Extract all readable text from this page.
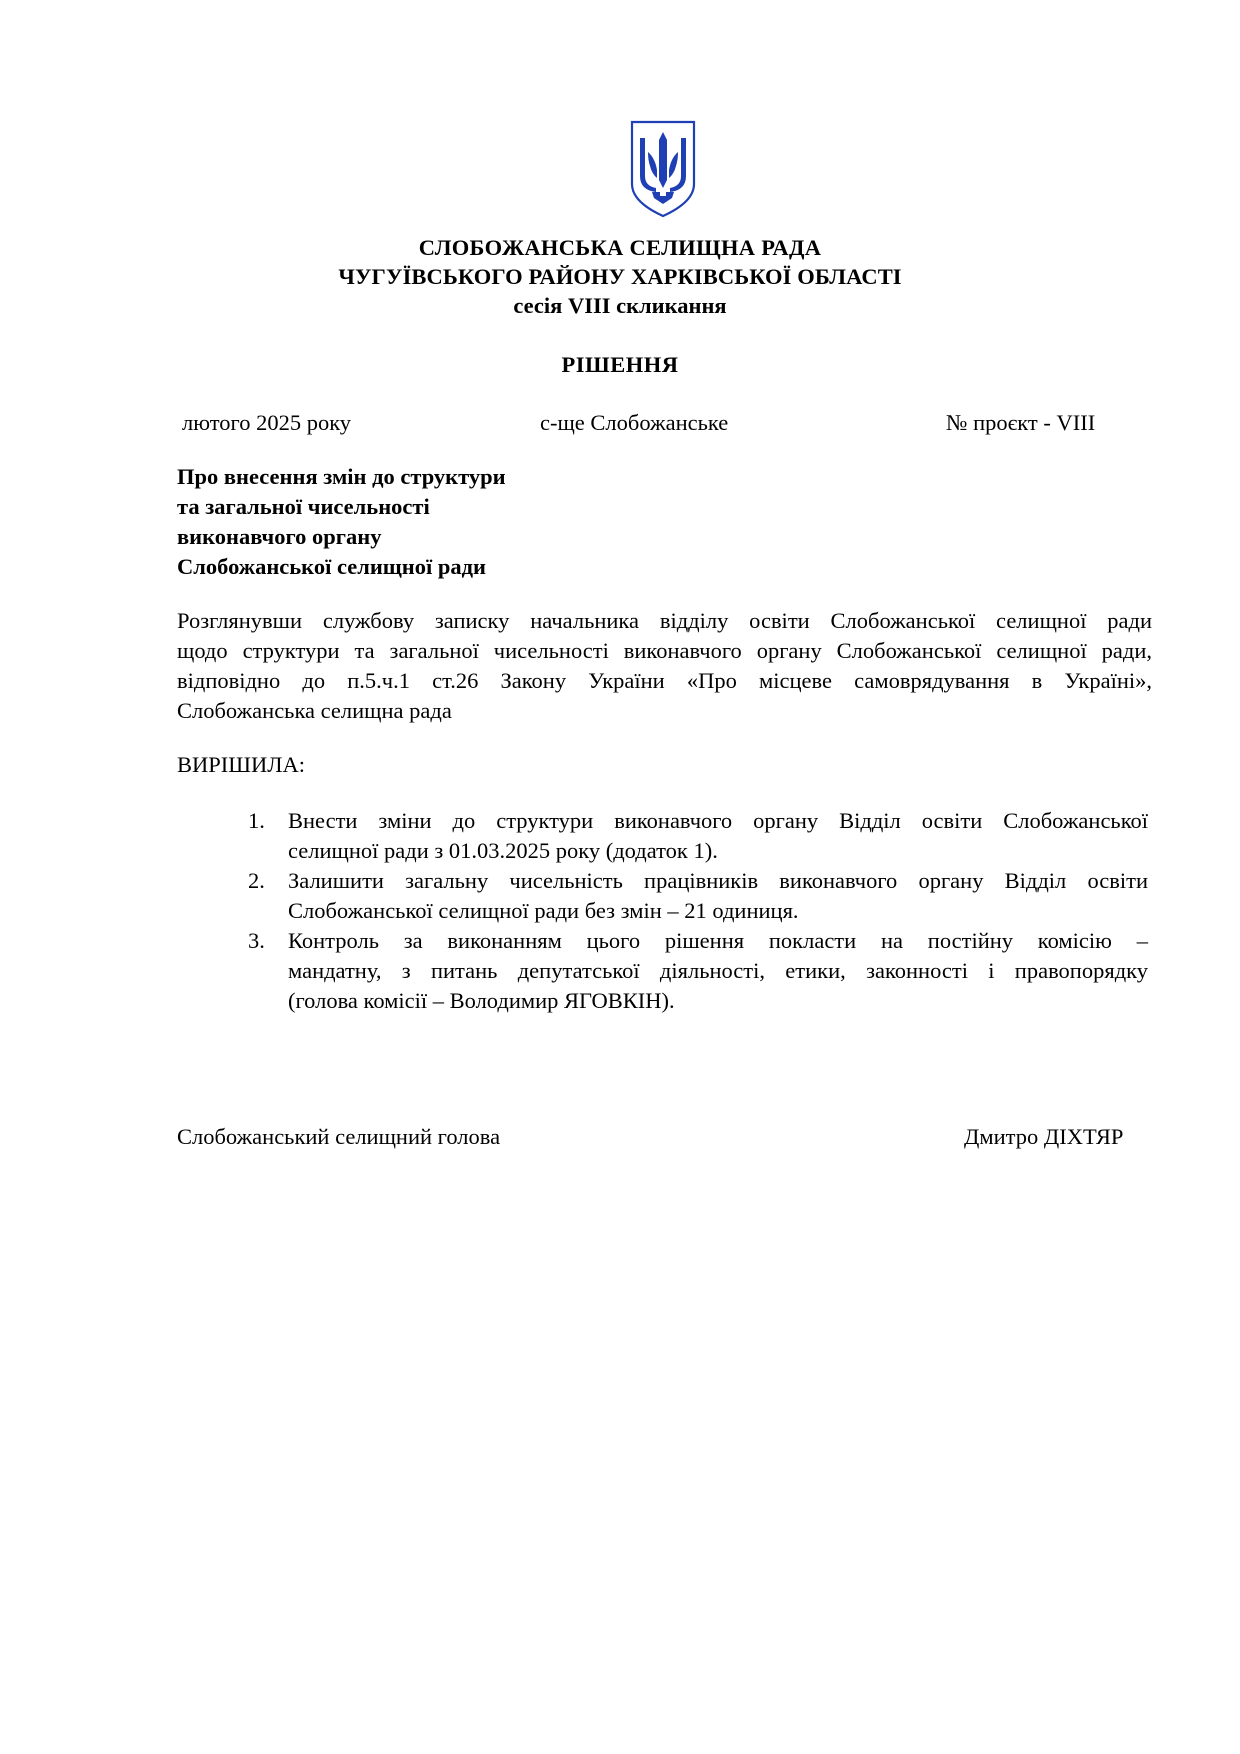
СЛОБОЖАНСЬКА СЕЛИЩНА РАДА
ЧУГУЇВСЬКОГО РАЙОНУ ХАРКІВСЬКОЇ ОБЛАСТІ
сесія VIII скликання
РІШЕННЯ
лютого 2025 року	с-ще Слобожанське	№ проєкт - VIII
Про внесення змін до структури
та загальної чисельності
виконавчого органу
Слобожанської селищної ради
Розглянувши службову записку начальника відділу освіти Слобожанської селищної ради
щодо структури та загальної чисельності виконавчого органу Слобожанської селищної ради,
відповідно до п.5.ч.1 ст.26 Закону України «Про місцеве самоврядування в Україні»,
Слобожанська селищна рада
ВИРІШИЛА:
1. Внести зміни до структури виконавчого органу Відділ освіти Слобожанської
селищної ради з 01.03.2025 року (додаток 1).
2. Залишити загальну чисельність працівників виконавчого органу Відділ освіти
Слобожанської селищної ради без змін – 21 одиниця.
3. Контроль за виконанням цього рішення покласти на постійну комісію –
мандатну, з питань депутатської діяльності, етики, законності і правопорядку
(голова комісії – Володимир ЯГОВКІН).
Слобожанський селищний голова	Дмитро ДІХТЯР
